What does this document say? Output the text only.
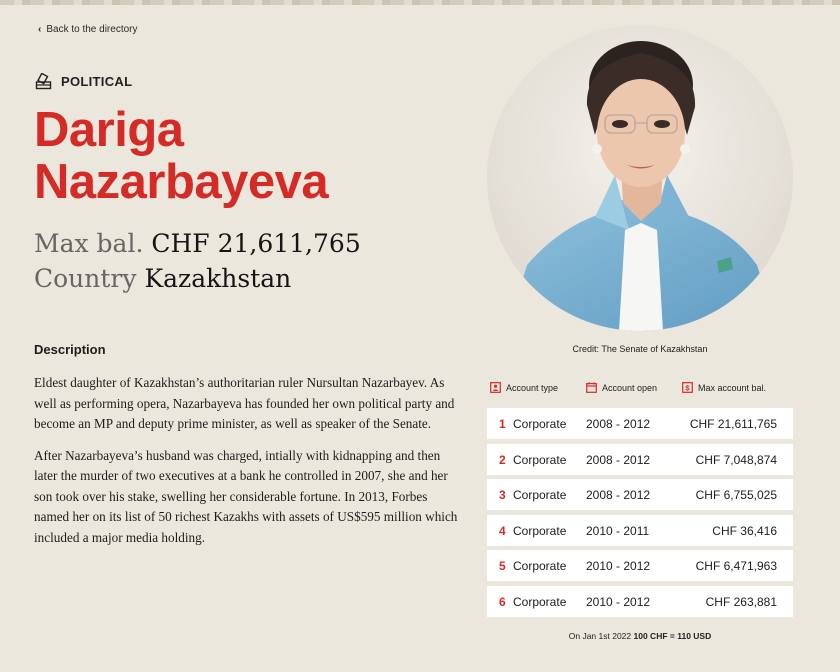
‹ Back to the directory
POLITICAL
Dariga Nazarbayeva
Max bal. CHF 21,611,765
Country Kazakhstan
Description

Eldest daughter of Kazakhstan’s authoritarian ruler Nursultan Nazarbayev. As well as performing opera, Nazarbayeva has founded her own political party and become an MP and deputy prime minister, as well as speaker of the Senate.

After Nazarbayeva’s husband was charged, intially with kidnapping and then later the murder of two executives at a bank he controlled in 2007, she and her son took over his stake, swelling her considerable fortune. In 2013, Forbes named her on its list of 50 richest Kazakhs with assets of US$595 million which included a major media holding.

Credit: The Senate of Kazakhstan
Account type	Account open	$ Max account bal.
1 Corporate 2008 - 2012	CHF 21,611,765
2 Corporate 2008 - 2012	CHF 7,048,874
3 Corporate 2008 - 2012	CHF 6,755,025
4 Corporate 2010 - 2011	CHF 36,416
5 Corporate 2010 - 2012	CHF 6,471,963
6 Corporate 2010 - 2012	CHF 263,881
On Jan 1st 2022 100 CHF = 110 USD
